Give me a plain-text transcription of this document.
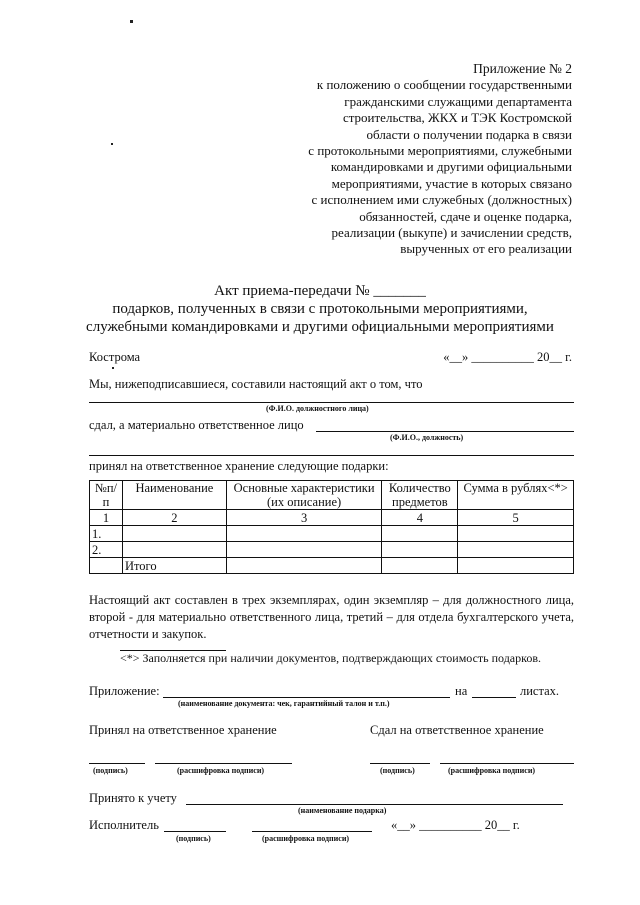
Приложение № 2
к положению о сообщении государственными
гражданскими служащими департамента
строительства, ЖКХ и ТЭК Костромской
области о получении подарка в связи
с протокольными мероприятиями, служебными
командировками и другими официальными
мероприятиями, участие в которых связано
с исполнением ими служебных (должностных)
обязанностей, сдаче и оценке подарка,
реализации (выкупе) и зачислении средств,
вырученных от его реализации
Акт приема-передачи № _______
подарков, полученных в связи с протокольными мероприятиями,
служебными командировками и другими официальными мероприятиями
Кострома	«__» __________ 20__ г.
Мы, нижеподписавшиеся, составили настоящий акт о том, что
(Ф.И.О. должностного лица)
сдал, а материально ответственное лицо
(Ф.И.О., должность)
принял на ответственное хранение следующие подарки:
№п/п	Наименование	Основные характеристики (их описание)	Количество предметов	Сумма в рублях<*>
1	2	3	4	5
1.				
2.				
	Итого			
Настоящий акт составлен в трех экземплярах, один экземпляр – для должностного лица, второй - для материально ответственного лица, третий – для отдела бухгалтерского учета, отчетности и закупок.
<*> Заполняется при наличии документов, подтверждающих стоимость подарков.
Приложение:	на	листах.
(наименование документа: чек, гарантийный талон и т.п.)
Принял на ответственное хранение	Сдал на ответственное хранение
(подпись)	(расшифровка подписи)	(подпись)	(расшифровка подписи)
Принято к учету
(наименование подарка)
Исполнитель	«__» __________ 20__ г.
(подпись)	(расшифровка подписи)
